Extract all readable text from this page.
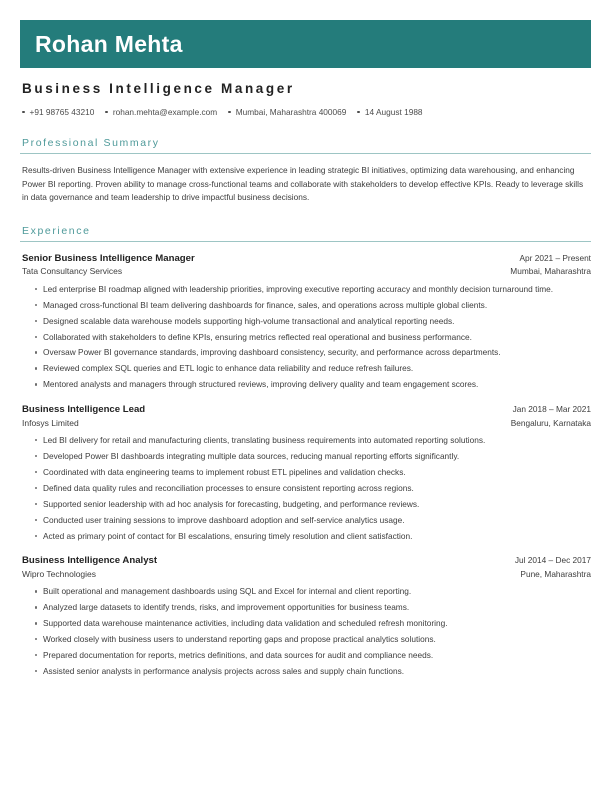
Rohan Mehta
Business Intelligence Manager
+91 98765 43210 rohan.mehta@example.com Mumbai, Maharashtra 400069 14 August 1988
Professional Summary
Results-driven Business Intelligence Manager with extensive experience in leading strategic BI initiatives, optimizing data warehousing, and enhancing Power BI reporting. Proven ability to manage cross-functional teams and collaborate with stakeholders to develop effective KPIs. Ready to leverage skills in data governance and team leadership to drive impactful business decisions.
Experience
Senior Business Intelligence Manager	Apr 2021 – Present
Tata Consultancy Services	Mumbai, Maharashtra
Led enterprise BI roadmap aligned with leadership priorities, improving executive reporting accuracy and monthly decision turnaround time.
Managed cross-functional BI team delivering dashboards for finance, sales, and operations across multiple global clients.
Designed scalable data warehouse models supporting high-volume transactional and analytical reporting needs.
Collaborated with stakeholders to define KPIs, ensuring metrics reflected real operational and business performance.
Oversaw Power BI governance standards, improving dashboard consistency, security, and performance across departments.
Reviewed complex SQL queries and ETL logic to enhance data reliability and reduce refresh failures.
Mentored analysts and managers through structured reviews, improving delivery quality and team engagement scores.
Business Intelligence Lead	Jan 2018 – Mar 2021
Infosys Limited	Bengaluru, Karnataka
Led BI delivery for retail and manufacturing clients, translating business requirements into automated reporting solutions.
Developed Power BI dashboards integrating multiple data sources, reducing manual reporting efforts significantly.
Coordinated with data engineering teams to implement robust ETL pipelines and validation checks.
Defined data quality rules and reconciliation processes to ensure consistent reporting across regions.
Supported senior leadership with ad hoc analysis for forecasting, budgeting, and performance reviews.
Conducted user training sessions to improve dashboard adoption and self-service analytics usage.
Acted as primary point of contact for BI escalations, ensuring timely resolution and client satisfaction.
Business Intelligence Analyst	Jul 2014 – Dec 2017
Wipro Technologies	Pune, Maharashtra
Built operational and management dashboards using SQL and Excel for internal and client reporting.
Analyzed large datasets to identify trends, risks, and improvement opportunities for business teams.
Supported data warehouse maintenance activities, including data validation and scheduled refresh monitoring.
Worked closely with business users to understand reporting gaps and propose practical analytics solutions.
Prepared documentation for reports, metrics definitions, and data sources for audit and compliance needs.
Assisted senior analysts in performance analysis projects across sales and supply chain functions.
